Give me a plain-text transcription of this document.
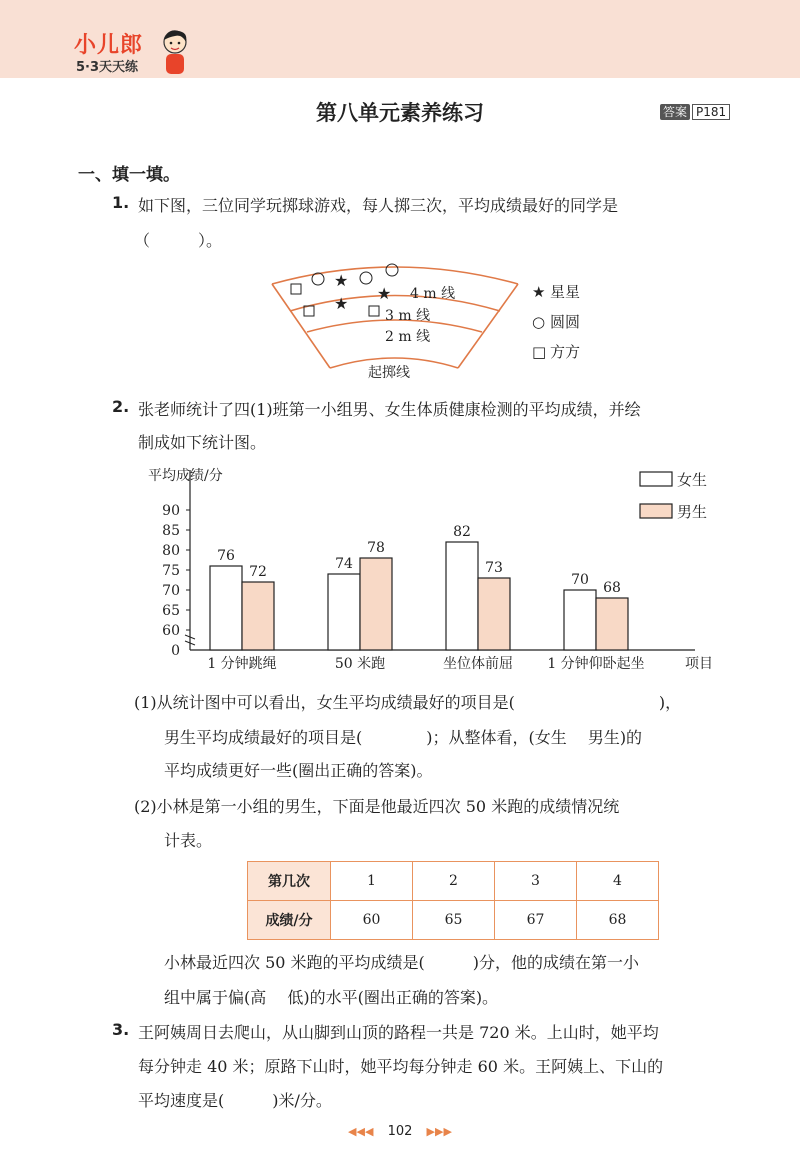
小儿郎
5·3天天练
第八单元素养练习	答案 P181
一、填一填。
1. 如下图，三位同学玩掷球游戏，每人掷三次，平均成绩最好的同学是
（　　　）。
★
★
★	4 m 线
3 m 线
2 m 线
起掷线
★ 星星
○ 圆圆
□ 方方
2. 张老师统计了四(1)班第一小组男、女生体质健康检测的平均成绩，并绘
制成如下统计图。
0
60
65
70
75
80
85
90
平均成绩/分
项目
76
72
1 分钟跳绳
74
78
50 米跑
82
73
坐位体前屈
70 68
1 分钟仰卧起坐
女生
男生
(1)从统计图中可以看出，女生平均成绩最好的项目是(　　　　　　　　　)，
男生平均成绩最好的项目是(　　　　)；从整体看，(女生　 男生)的
平均成绩更好一些(圈出正确的答案)。
(2)小林是第一小组的男生，下面是他最近四次 50 米跑的成绩情况统
计表。
第几次	1	2	3	4
成绩/分	60	65	67	68
小林最近四次 50 米跑的平均成绩是(　　　)分，他的成绩在第一小
组中属于偏(高　 低)的水平(圈出正确的答案)。
3. 王阿姨周日去爬山，从山脚到山顶的路程一共是 720 米。上山时，她平均
每分钟走 40 米；原路下山时，她平均每分钟走 60 米。王阿姨上、下山的
平均速度是(　　　)米/分。
◀◀◀ 102 ▶▶▶
